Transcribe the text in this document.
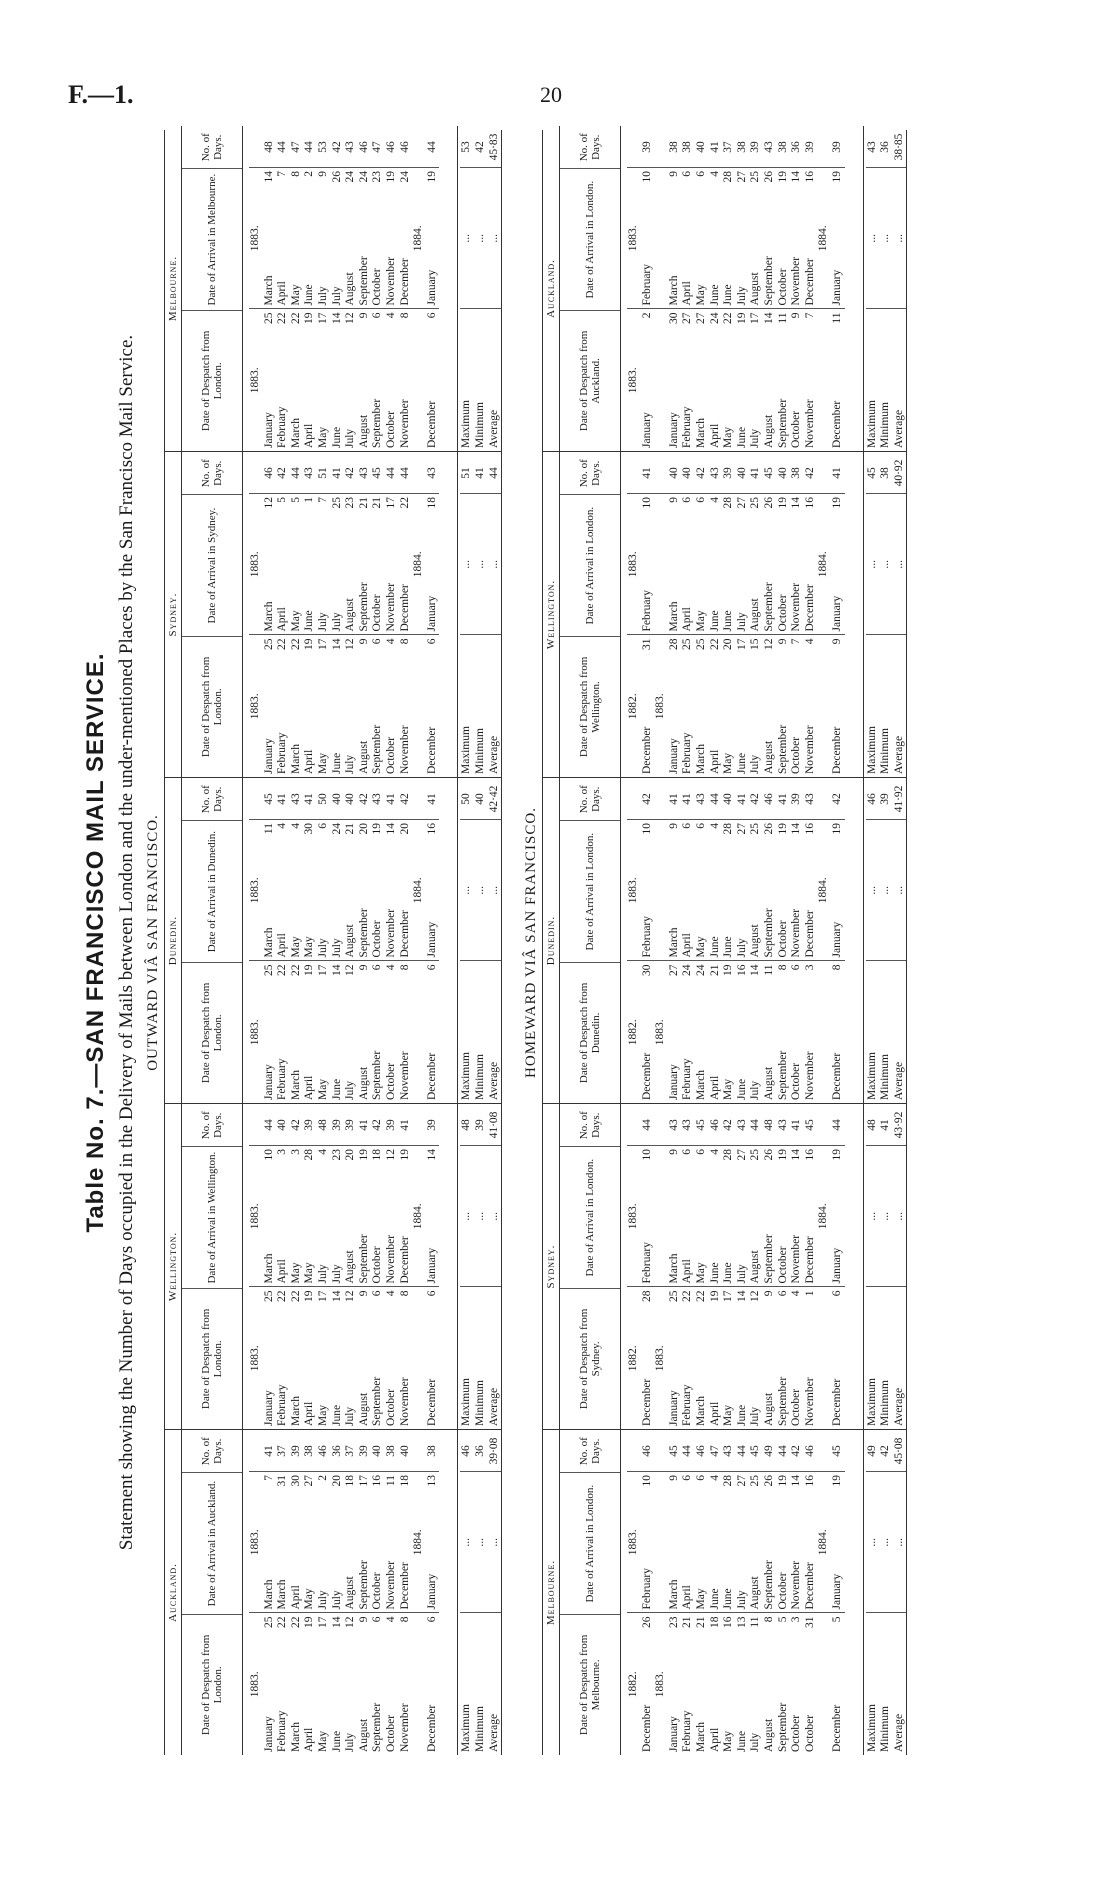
F.—1.	20
Table No. 7.—SAN FRANCISCO MAIL SERVICE. Statement showing the Number of Days occupied in the Delivery of Mails between London and the under-mentioned Places by the San Francisco Mail Service. OUTWARD VIÂ SAN FRANCISCO.
Auckland.
Date of Despatch from London.
Date of Arrival in Auckland.
No. of Days.
1883.
1883.
January
25
March
7
41
February
22
March
31
37
March
22
April
30
39
April
19
May
27
38
May
17
July
2
46
June
14
July
20
36
July
12
August
18
37
August
9
September
17
39
September
6
October
16
40
October
4
November
11
38
November
8
December
18
40
1884.
December
6
January
13
38
Maximum
...
46
Minimum
...
36
Average
...
39·08
Wellington.
Date of Despatch from London.
Date of Arrival in Wellington.
No. of Days.
1883.
1883.
January
25
March
10
44
February
22
April
3
40
March
22
May
3
42
April
19
May
28
39
May
17
July
4
48
June
14
July
23
39
July
12
August
20
39
August
9
September
19
41
September
6
October
18
42
October
4
November
12
39
November
8
December
19
41
1884.
December
6
January
14
39
Maximum
...
48
Minimum
...
39
Average
...
41·08
Dunedin.
Date of Despatch from London.
Date of Arrival in Dunedin.
No. of Days.
1883.
1883.
January
25
March
11
45
February
22
April
4
41
March
22
May
4
43
April
19
May
30
41
May
17
July
6
50
June
14
July
24
40
July
12
August
21
40
August
9
September
20
42
September
6
October
19
43
October
4
November
14
41
November
8
December
20
42
1884.
December
6
January
16
41
Maximum
...
50
Minimum
...
40
Average
...
42·42
Sydney.
Date of Despatch from London.
Date of Arrival in Sydney.
No. of Days.
1883.
1883.
January
25
March
12
46
February
22
April
5
42
March
22
May
5
44
April
19
June
1
43
May
17
July
7
51
June
14
July
25
41
July
12
August
23
42
August
9
September
21
43
September
6
October
21
45
October
4
November
17
44
November
8
December
22
44
1884.
December
6
January
18
43
Maximum
...
51
Minimum
...
41
Average
...
44
Melbourne.
Date of Despatch from London.
Date of Arrival in Melbourne.
No. of Days.
1883.
1883.
January
25
March
14
48
February
22
April
7
44
March
22
May
8
47
April
19
June
2
44
May
17
July
9
53
June
14
July
26
42
July
12
August
24
43
August
9
September
24
46
September
6
October
23
47
October
4
November
19
46
November
8
December
24
46
1884.
December
6
January
19
44
Maximum
...
53
Minimum
...
42
Average
...
45·83
HOMEWARD VIÂ SAN FRANCISCO.
Melbourne.
Date of Despatch from Melbourne.
Date of Arrival in London.
No. of Days.
1882.
1883.
December
26
February
10
46
1883.
January
23
March
9
45
February
21
April
6
44
March
21
May
6
46
April
18
June
4
47
May
16
June
28
43
June
13
July
27
44
July
11
August
25
45
August
8
September
26
49
September
5
October
19
44
October
3
November
14
42
October
31
December
16
46
1884.
December
5
January
19
45
Maximum
...
49
Minimum
...
42
Average
...
45·08
Sydney.
Date of Despatch from Sydney.
Date of Arrival in London.
No. of Days.
1882.
1883.
December
28
February
10
44
1883.
January
25
March
9
43
February
22
April
6
43
March
22
May
6
45
April
19
June
4
46
May
17
June
28
42
June
14
July
27
43
July
12
August
25
44
August
9
September
26
48
September
6
October
19
43
October
4
November
14
41
November
1
December
16
45
1884.
December
6
January
19
44
Maximum
...
48
Minimum
...
41
Average
...
43·92
Dunedin.
Date of Despatch from Dunedin.
Date of Arrival in London.
No. of Days.
1882.
1883.
December
30
February
10
42
1883.
January
27
March
9
41
February
24
April
6
41
March
24
May
6
43
April
21
June
4
44
May
19
June
28
40
June
16
July
27
41
July
14
August
25
42
August
11
September
26
46
September
8
October
19
41
October
6
November
14
39
November
3
December
16
43
1884.
December
8
January
19
42
Maximum
...
46
Minimum
...
39
Average
...
41·92
Wellington.
Date of Despatch from Wellington.
Date of Arrival in London.
No. of Days.
1882.
1883.
December
31
February
10
41
1883.
January
28
March
9
40
February
25
April
6
40
March
25
May
6
42
April
22
June
4
43
May
20
June
28
39
June
17
July
27
40
July
15
August
25
41
August
12
September
26
45
September
9
October
19
40
October
7
November
14
38
November
4
December
16
42
1884.
December
9
January
19
41
Maximum
...
45
Minimum
...
38
Average
...
40·92
Auckland.
Date of Despatch from Auckland.
Date of Arrival in London.
No. of Days.
1883.
1883.
January
2
February
10
39
January
30
March
9
38
February
27
April
6
38
March
27
May
6
40
April
24
June
4
41
May
22
June
28
37
June
19
July
27
38
July
17
August
25
39
August
14
September
26
43
September
11
October
19
38
October
9
November
14
36
November
7
December
16
39
1884.
December
11
January
19
39
Maximum
...
43
Minimum
...
36
Average
...
38·85
